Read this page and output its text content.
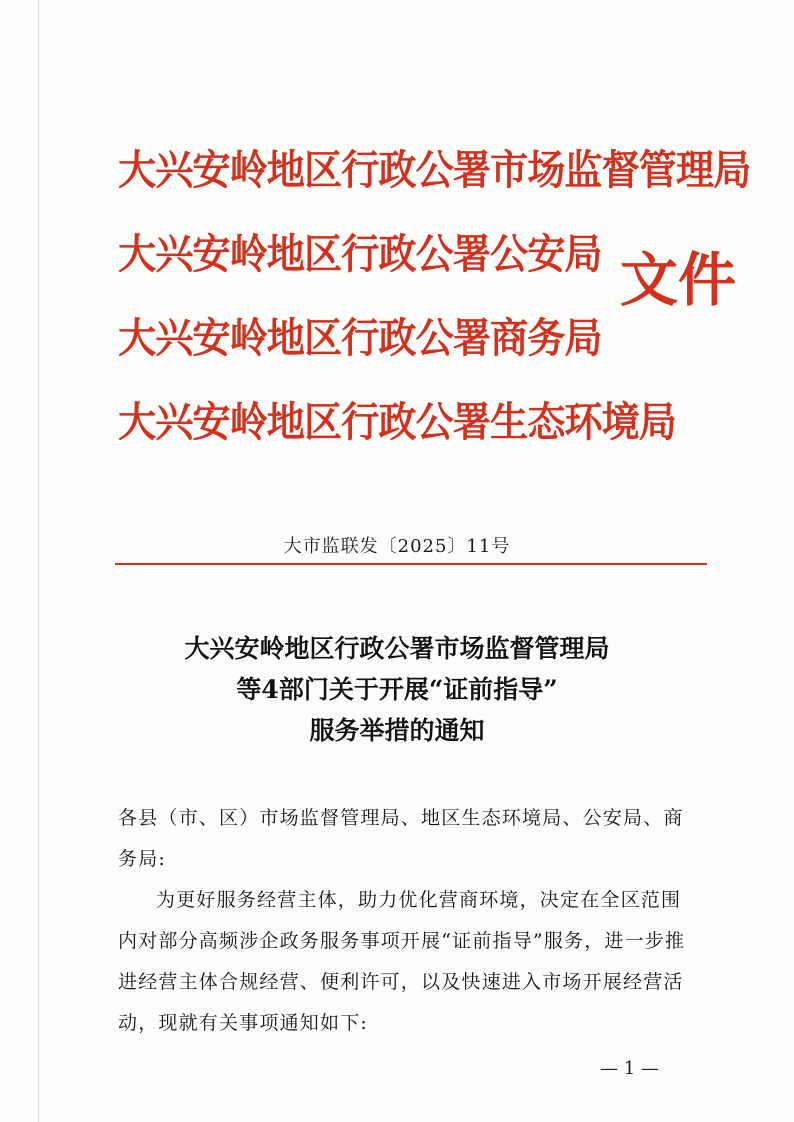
大兴安岭地区行政公署市场监督管理局
大兴安岭地区行政公署公安局
大兴安岭地区行政公署商务局
大兴安岭地区行政公署生态环境局
文件
大市监联发〔2025〕11号
大兴安岭地区行政公署市场监督管理局
等4部门关于开展“证前指导”
服务举措的通知

各县（市、区）市场监督管理局、地区生态环境局、公安局、商务局:

为更好服务经营主体，助力优化营商环境，决定在全区范围内对部分高频涉企政务服务事项开展“证前指导”服务，进一步推进经营主体合规经营、便利许可，以及快速进入市场开展经营活动，现就有关事项通知如下:

— 1 —
